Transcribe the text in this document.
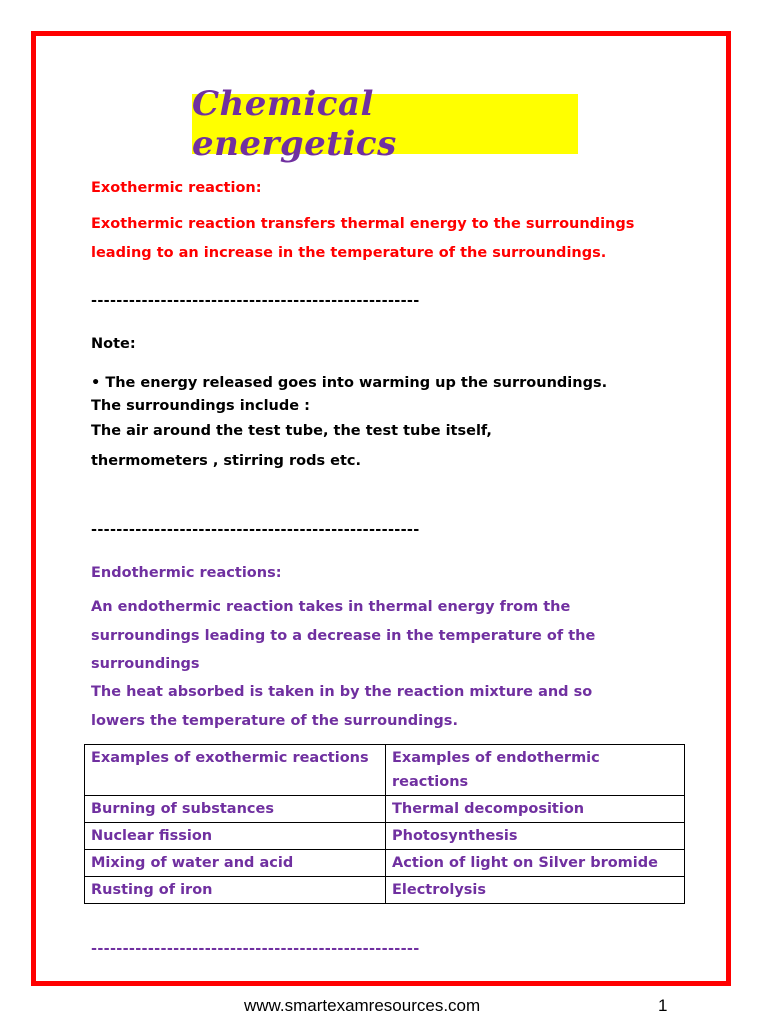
Chemical energetics
Exothermic reaction:
Exothermic reaction transfers thermal energy to the surroundings
leading to an increase in the temperature of the surroundings.
----------------------------------------------------
Note:
• The energy released goes into warming up the surroundings.
The surroundings include :
The air around the test tube, the test tube itself,
thermometers , stirring rods etc.
----------------------------------------------------
Endothermic reactions:
An endothermic reaction takes in thermal energy from the
surroundings leading to a decrease in the temperature of the
surroundings
The heat absorbed is taken in by the reaction mixture and so
lowers the temperature of the surroundings.
Examples of exothermic reactions	Examples of endothermic reactions
Burning of substances	Thermal decomposition
Nuclear fission	Photosynthesis
Mixing of water and acid	Action of light on Silver bromide
Rusting of iron	Electrolysis
----------------------------------------------------
www.smartexamresources.com	1
